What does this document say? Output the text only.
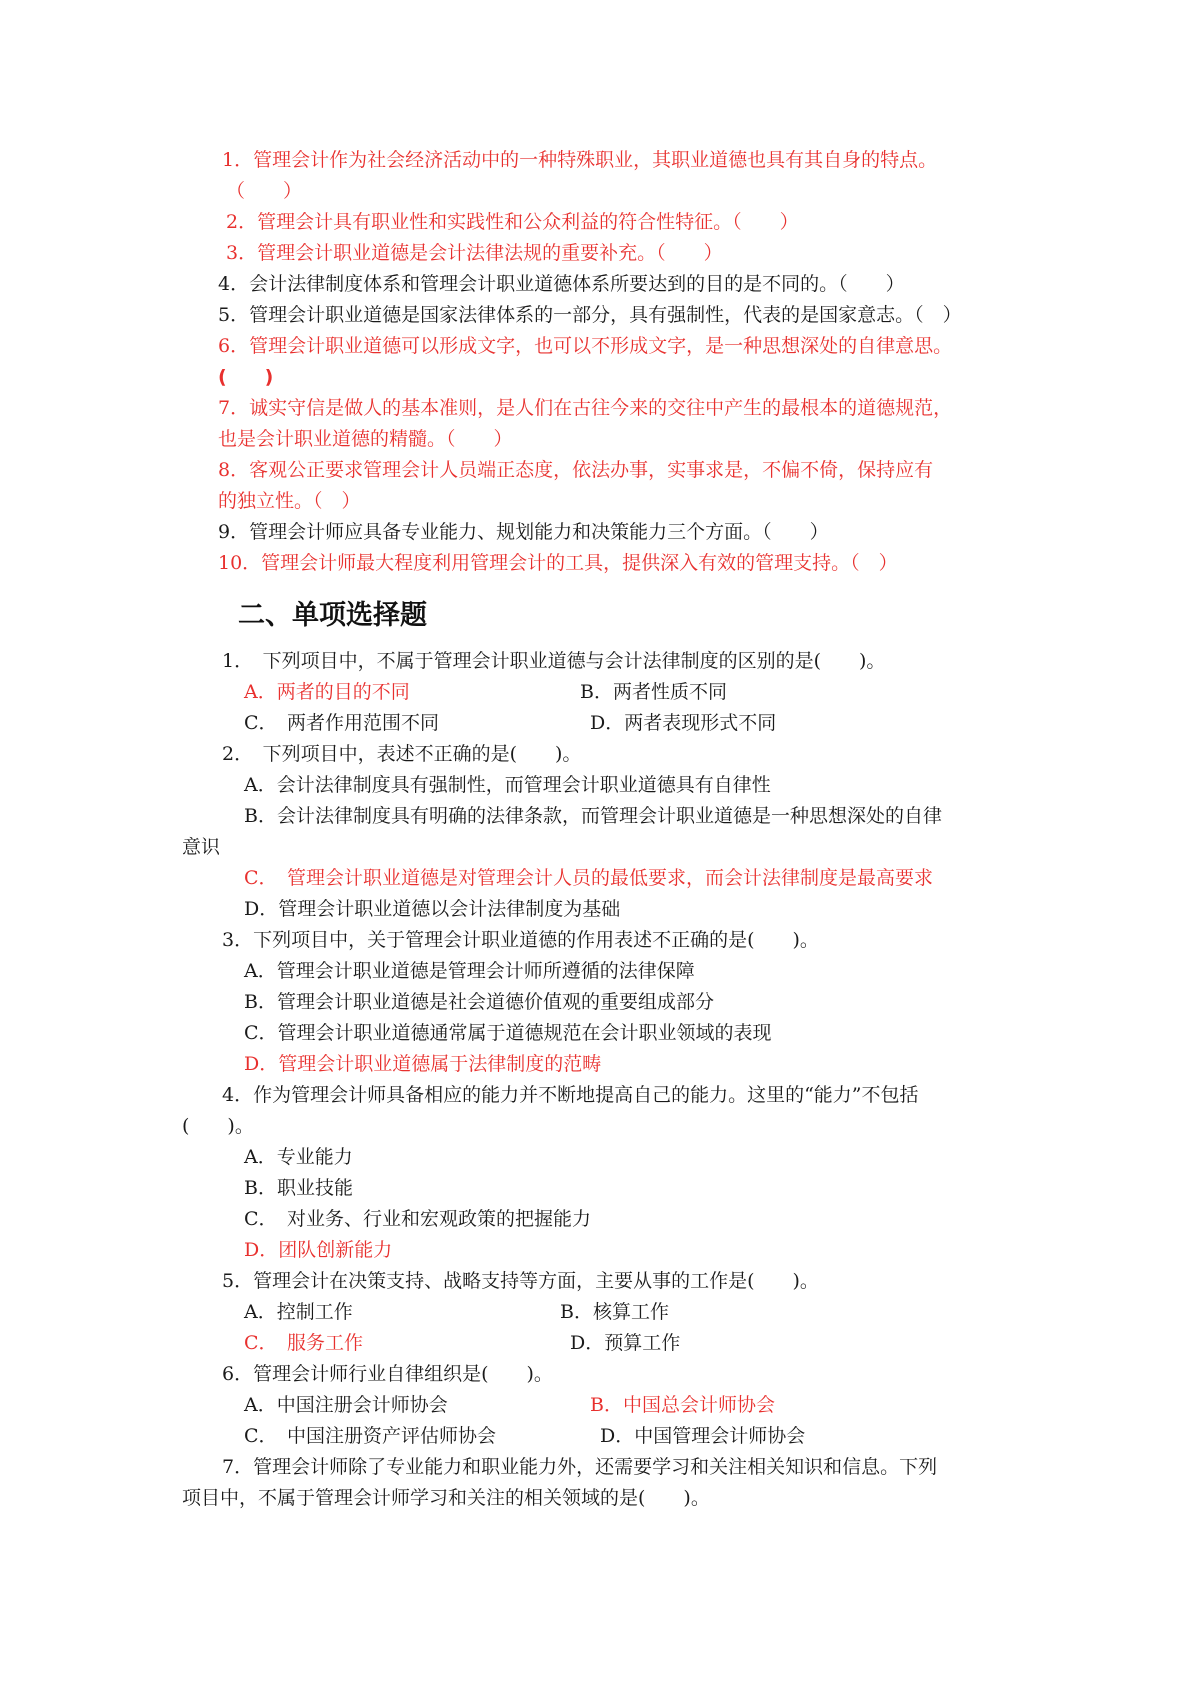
1．管理会计作为社会经济活动中的一种特殊职业，其职业道德也具有其自身的特点。
（　　）
2．管理会计具有职业性和实践性和公众利益的符合性特征。（　　）
3．管理会计职业道德是会计法律法规的重要补充。（　　）
4．会计法律制度体系和管理会计职业道德体系所要达到的目的是不同的。（　　）
5．管理会计职业道德是国家法律体系的一部分，具有强制性，代表的是国家意志。（　）
6．管理会计职业道德可以形成文字，也可以不形成文字，是一种思想深处的自律意思。
(　　)
7．诚实守信是做人的基本准则，是人们在古往今来的交往中产生的最根本的道德规范，
也是会计职业道德的精髓。（　　）
8．客观公正要求管理会计人员端正态度，依法办事，实事求是，不偏不倚，保持应有
的独立性。（　）
9．管理会计师应具备专业能力、规划能力和决策能力三个方面。（　　）
10．管理会计师最大程度利用管理会计的工具，提供深入有效的管理支持。（　）
二、单项选择题
1．　下列项目中，不属于管理会计职业道德与会计法律制度的区别的是(　　)。
A．两者的目的不同	B．两者性质不同
C．　两者作用范围不同	D．两者表现形式不同
2．　下列项目中，表述不正确的是(　　)。
A．会计法律制度具有强制性，而管理会计职业道德具有自律性
B．会计法律制度具有明确的法律条款，而管理会计职业道德是一种思想深处的自律
意识
C．　管理会计职业道德是对管理会计人员的最低要求，而会计法律制度是最高要求
D．管理会计职业道德以会计法律制度为基础
3．下列项目中，关于管理会计职业道德的作用表述不正确的是(　　)。
A．管理会计职业道德是管理会计师所遵循的法律保障
B．管理会计职业道德是社会道德价值观的重要组成部分
C．管理会计职业道德通常属于道德规范在会计职业领域的表现
D．管理会计职业道德属于法律制度的范畴
4．作为管理会计师具备相应的能力并不断地提高自己的能力。这里的“能力”不包括
(　　)。
A．专业能力
B．职业技能
C．　对业务、行业和宏观政策的把握能力
D．团队创新能力
5．管理会计在决策支持、战略支持等方面，主要从事的工作是(　　)。
A．控制工作	B．核算工作
C．　服务工作	D．预算工作
6．管理会计师行业自律组织是(　　)。
A．中国注册会计师协会	B．中国总会计师协会
C．　中国注册资产评估师协会	D．中国管理会计师协会
7．管理会计师除了专业能力和职业能力外，还需要学习和关注相关知识和信息。下列
项目中，不属于管理会计师学习和关注的相关领域的是(　　)。
